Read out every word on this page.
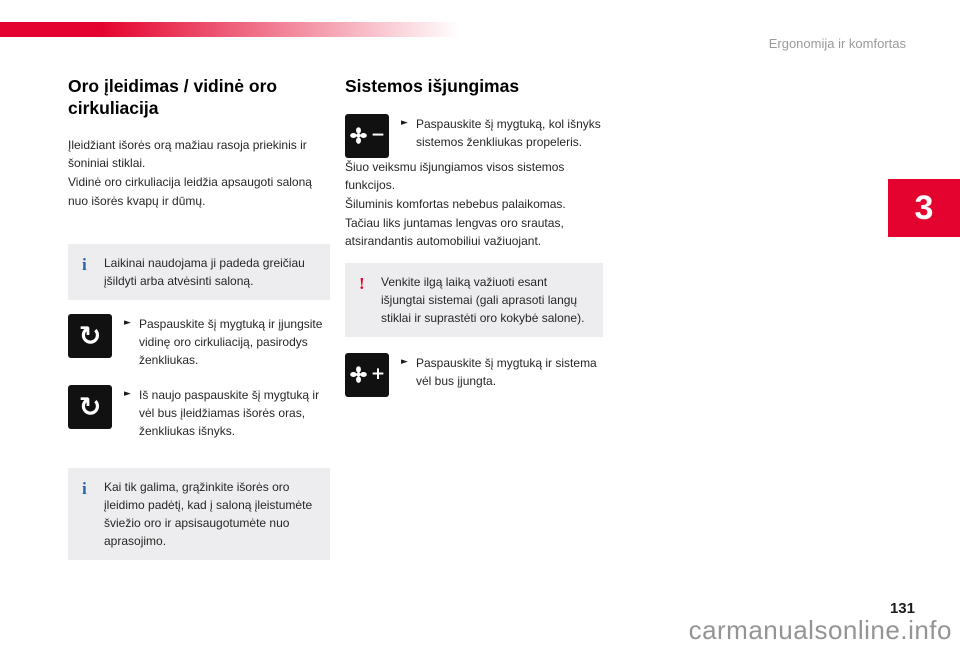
Ergonomija ir komfortas
3
Oro įleidimas / vidinė oro cirkuliacija

Įleidžiant išorės orą mažiau rasoja priekinis ir šoniniai stiklai.

Vidinė oro cirkuliacija leidžia apsaugoti saloną nuo išorės kvapų ir dūmų.

i Laikinai naudojama ji padeda greičiau įšildyti arba atvėsinti saloną.
↻	► Paspauskite šį mygtuką ir įjungsite vidinę oro cirkuliaciją, pasirodys ženkliukas.
↻	► Iš naujo paspauskite šį mygtuką ir vėl bus įleidžiamas išorės oras, ženkliukas išnyks.
i Kai tik galima, grąžinkite išorės oro įleidimo padėtį, kad į saloną įleistumėte šviežio oro ir apsisaugotumėte nuo aprasojimo.
Sistemos išjungimas
−
► Paspauskite šį mygtuką, kol išnyks sistemos ženkliukas propeleris.

Šiuo veiksmu išjungiamos visos sistemos funkcijos.

Šiluminis komfortas nebebus palaikomas.

Tačiau liks juntamas lengvas oro srautas, atsirandantis automobiliui važiuojant.

! Venkite ilgą laiką važiuoti esant išjungtai sistemai (gali aprasoti langų stiklai ir suprastėti oro kokybė salone).
+
► Paspauskite šį mygtuką ir sistema vėl bus įjungta.
131
carmanualsonline.info
